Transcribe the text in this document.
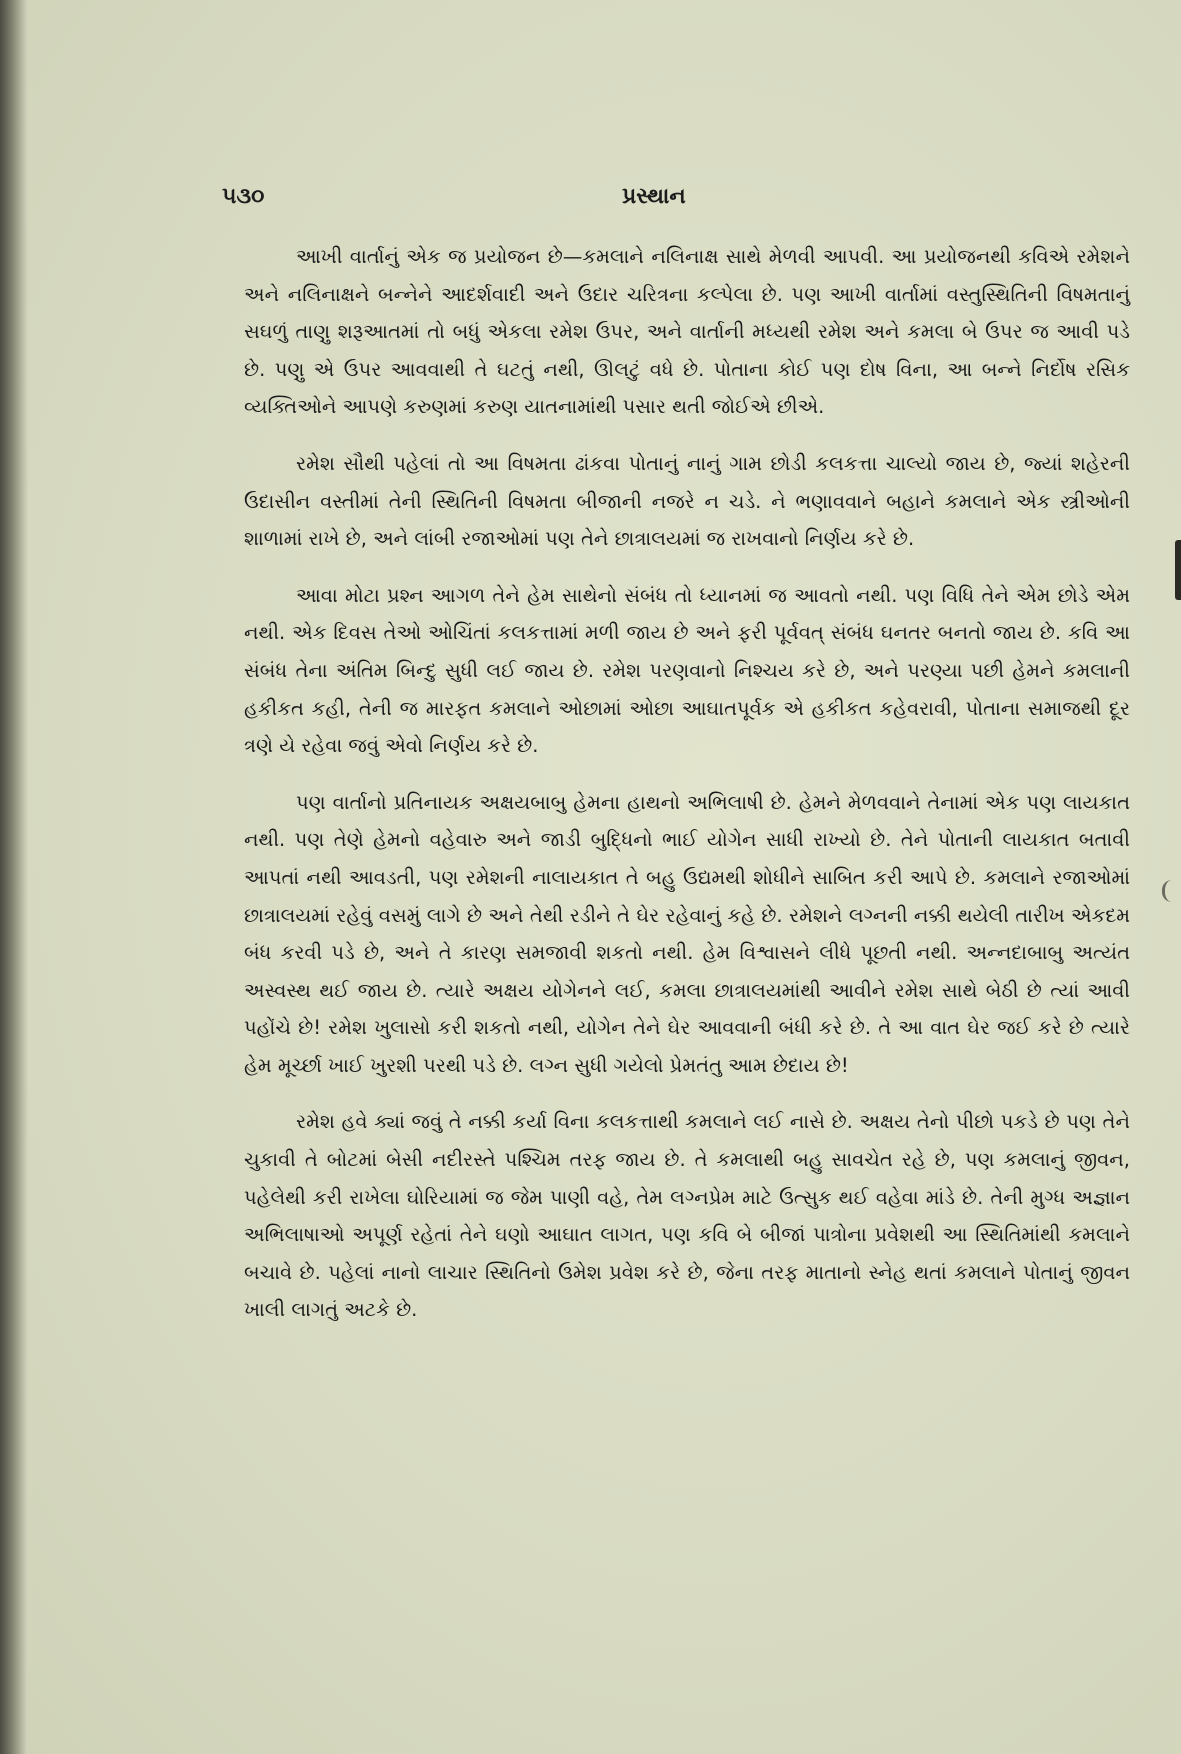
૫૩૦	પ્રસ્થાન

આખી વાર્તાનું એક જ પ્રયોજન છે—કમલાને નલિનાક્ષ સાથે મેળવી આપવી. આ પ્રયોજનથી કવિએ રમેશને અને નલિનાક્ષને બન્નેને આદર્શવાદી અને ઉદાર ચરિત્રના કલ્પેલા છે. પણ આખી વાર્તામાં વસ્તુસ્થિતિની વિષમતાનું સઘળું તાણુ શરૂઆતમાં તો બધું એકલા રમેશ ઉપર, અને વાર્તાની મધ્યથી રમેશ અને કમલા બે ઉપર જ આવી પડે છે. પણુ એ ઉપર આવવાથી તે ઘટતું નથી, ઊલટું વધે છે. પોતાના કોઈ પણ દોષ વિના, આ બન્ને નિર્દોષ રસિક વ્યક્તિઓને આપણે કરુણમાં કરુણ યાતનામાંથી પસાર થતી જોઈએ છીએ.

રમેશ સૌથી પહેલાં તો આ વિષમતા ઢાંકવા પોતાનું નાનું ગામ છોડી કલકત્તા ચાલ્યો જાય છે, જ્યાં શહેરની ઉદાસીન વસ્તીમાં તેની સ્થિતિની વિષમતા બીજાની નજરે ન ચડે. ને ભણાવવાને બહાને કમલાને એક સ્ત્રીઓની શાળામાં રાખે છે, અને લાંબી રજાઓમાં પણ તેને છાત્રાલયમાં જ રાખવાનો નિર્ણય કરે છે.

આવા મોટા પ્રશ્ન આગળ તેને હેમ સાથેનો સંબંધ તો ધ્યાનમાં જ આવતો નથી. પણ વિધિ તેને એમ છોડે એમ નથી. એક દિવસ તેઓ ઓચિંતાં કલકત્તામાં મળી જાય છે અને ફરી પૂર્વવત્ સંબંધ ઘનતર બનતો જાય છે. કવિ આ સંબંધ તેના અંતિમ બિન્દુ સુધી લઈ જાય છે. રમેશ પરણવાનો નિશ્ચય કરે છે, અને પરણ્યા પછી હેમને કમલાની હકીકત કહી, તેની જ મારફત કમલાને ઓછામાં ઓછા આઘાતપૂર્વક એ હકીકત કહેવરાવી, પોતાના સમાજથી દૂર ત્રણે યે રહેવા જવું એવો નિર્ણય કરે છે.

પણ વાર્તાનો પ્રતિનાયક અક્ષયબાબુ હેમના હાથનો અભિલાષી છે. હેમને મેળવવાને તેનામાં એક પણ લાયકાત નથી. પણ તેણે હેમનો વહેવારુ અને જાડી બુદ્ધિનો ભાઈ યોગેન સાધી રાખ્યો છે. તેને પોતાની લાયકાત બતાવી આપતાં નથી આવડતી, પણ રમેશની નાલાયકાત તે બહુ ઉદ્યમથી શોધીને સાબિત કરી આપે છે. કમલાને રજાઓમાં છાત્રાલયમાં રહેવું વસમું લાગે છે અને તેથી રડીને તે ઘેર રહેવાનું કહે છે. રમેશને લગ્નની નક્કી થયેલી તારીખ એકદમ બંધ કરવી પડે છે, અને તે કારણ સમજાવી શકતો નથી. હેમ વિશ્વાસને લીધે પૂછતી નથી. અન્નદાબાબુ અત્યંત અસ્વસ્થ થઈ જાય છે. ત્યારે અક્ષય યોગેનને લઈ, કમલા છાત્રાલયમાંથી આવીને રમેશ સાથે બેઠી છે ત્યાં આવી પહોંચે છે! રમેશ ખુલાસો કરી શકતો નથી, યોગેન તેને ઘેર આવવાની બંધી કરે છે. તે આ વાત ઘેર જઈ કરે છે ત્યારે હેમ મૂર્ચ્છા ખાઈ ખુરશી પરથી પડે છે. લગ્ન સુધી ગયેલો પ્રેમતંતુ આમ છેદાય છે!

રમેશ હવે ક્યાં જવું તે નક્કી કર્યા વિના કલકત્તાથી કમલાને લઈ નાસે છે. અક્ષય તેનો પીછો પકડે છે પણ તેને ચુકાવી તે બોટમાં બેસી નદીરસ્તે પશ્ચિમ તરફ જાય છે. તે કમલાથી બહુ સાવચેત રહે છે, પણ કમલાનું જીવન, પહેલેથી કરી રાખેલા ઘોરિયામાં જ જેમ પાણી વહે, તેમ લગ્નપ્રેમ માટે ઉત્સુક થઈ વહેવા માંડે છે. તેની મુગ્ધ અજ્ઞાન અભિલાષાઓ અપૂર્ણ રહેતાં તેને ઘણો આઘાત લાગત, પણ કવિ બે બીજાં પાત્રોના પ્રવેશથી આ સ્થિતિમાંથી કમલાને બચાવે છે. પહેલાં નાનો લાચાર સ્થિતિનો ઉમેશ પ્રવેશ કરે છે, જેના તરફ માતાનો સ્નેહ થતાં કમલાને પોતાનું જીવન ખાલી લાગતું અટકે છે.
